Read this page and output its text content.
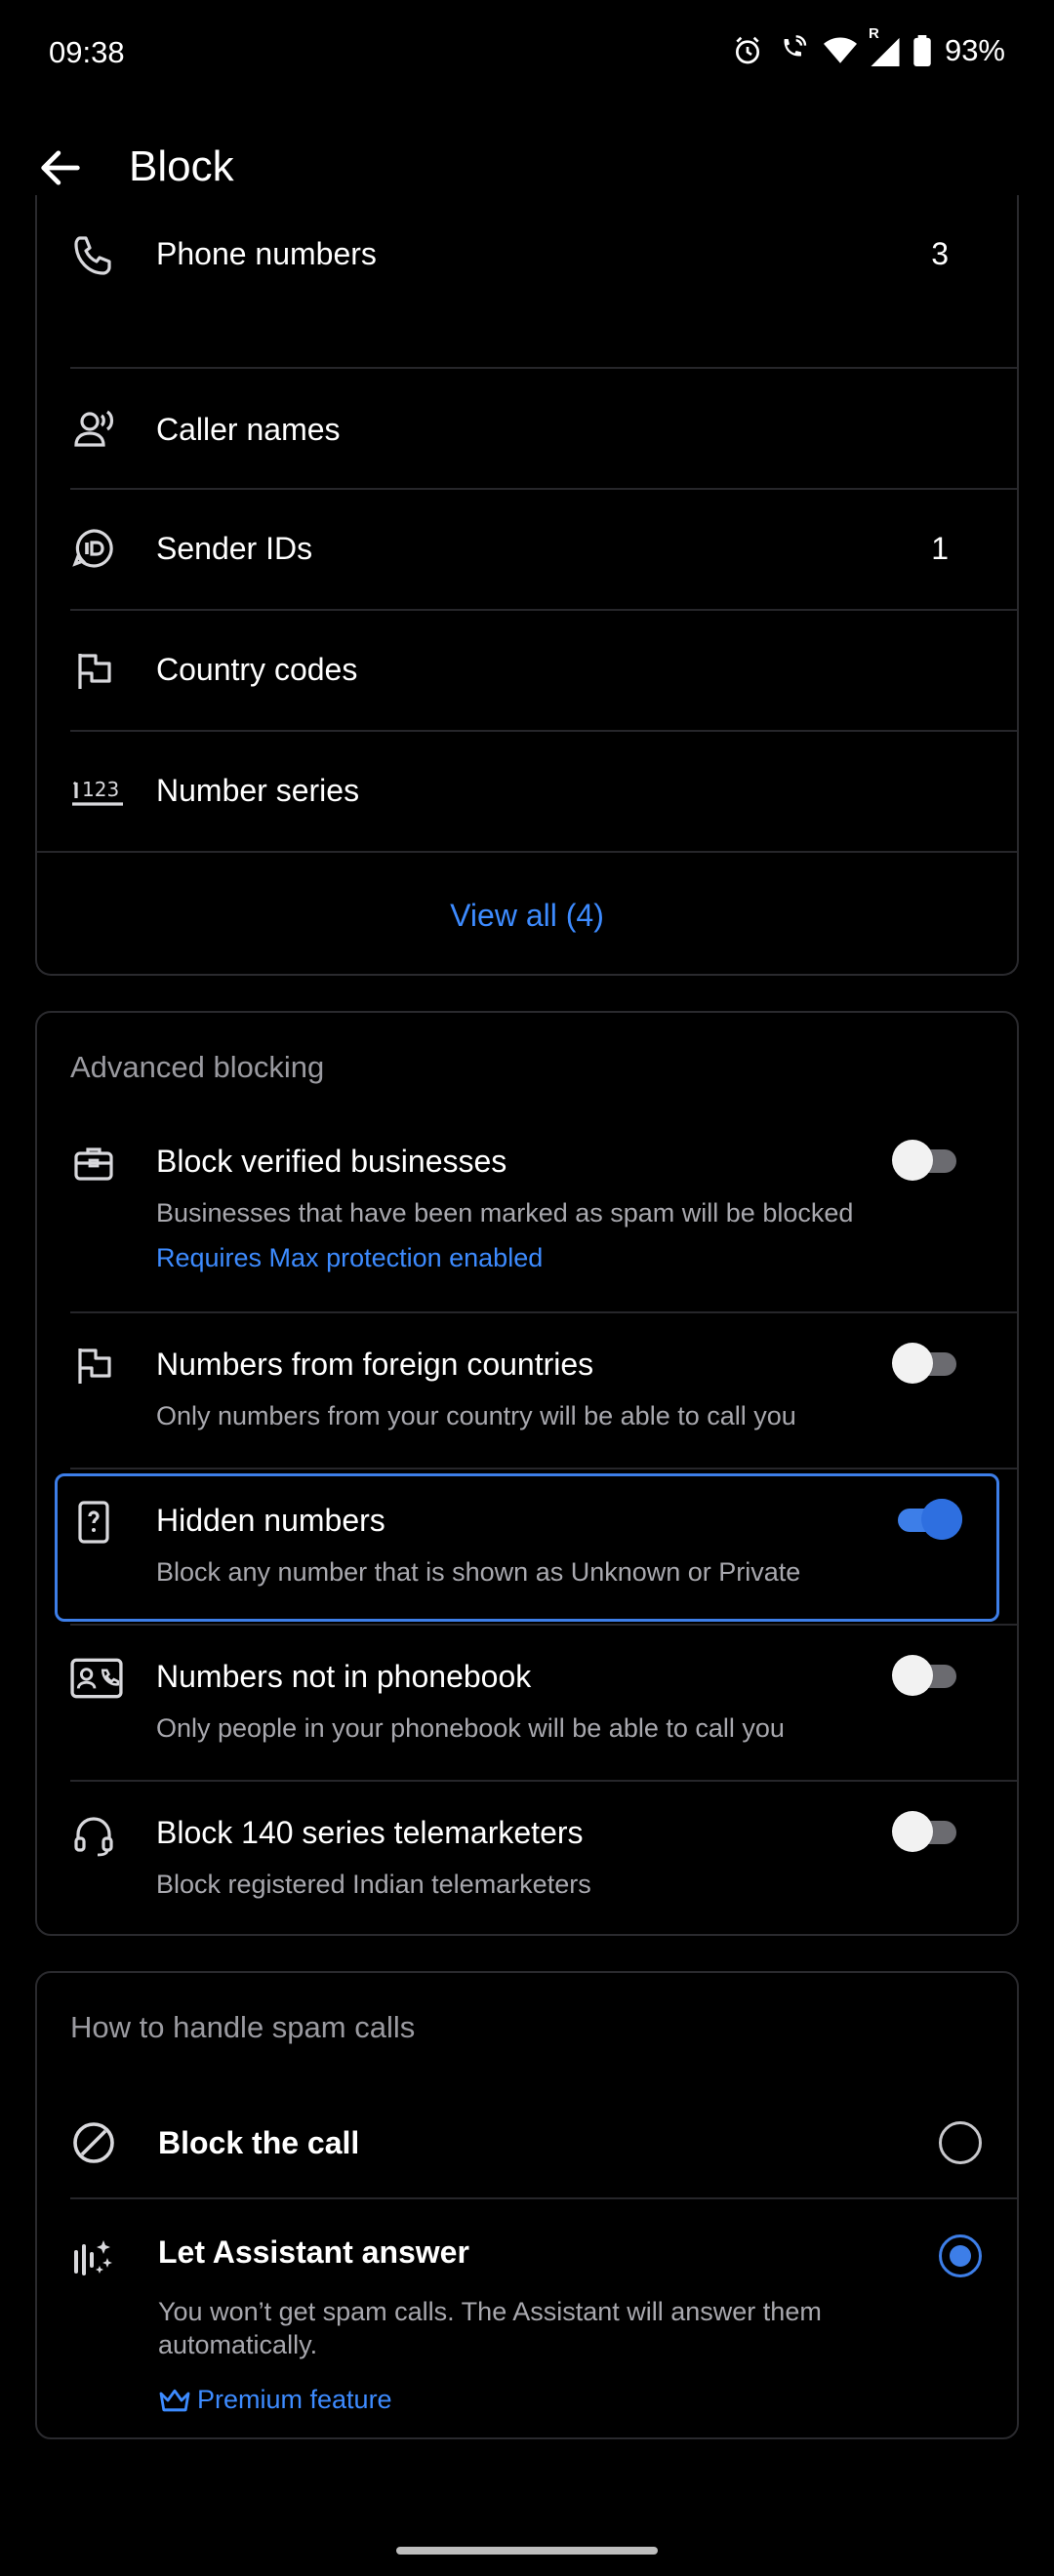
09:38
R 93%
Block
Phone numbers	3
Caller names
Sender IDs	1
Country codes
123 Number series
View all (4)
Advanced blocking
Block verified businesses
Businesses that have been marked as spam will be blocked
Requires Max protection enabled
Numbers from foreign countries
Only numbers from your country will be able to call you
Hidden numbers
Block any number that is shown as Unknown or Private
Numbers not in phonebook
Only people in your phonebook will be able to call you
Block 140 series telemarketers
Block registered Indian telemarketers
How to handle spam calls
Block the call
Let Assistant answer
You won’t get spam calls. The Assistant will answer them automatically.
Premium feature
